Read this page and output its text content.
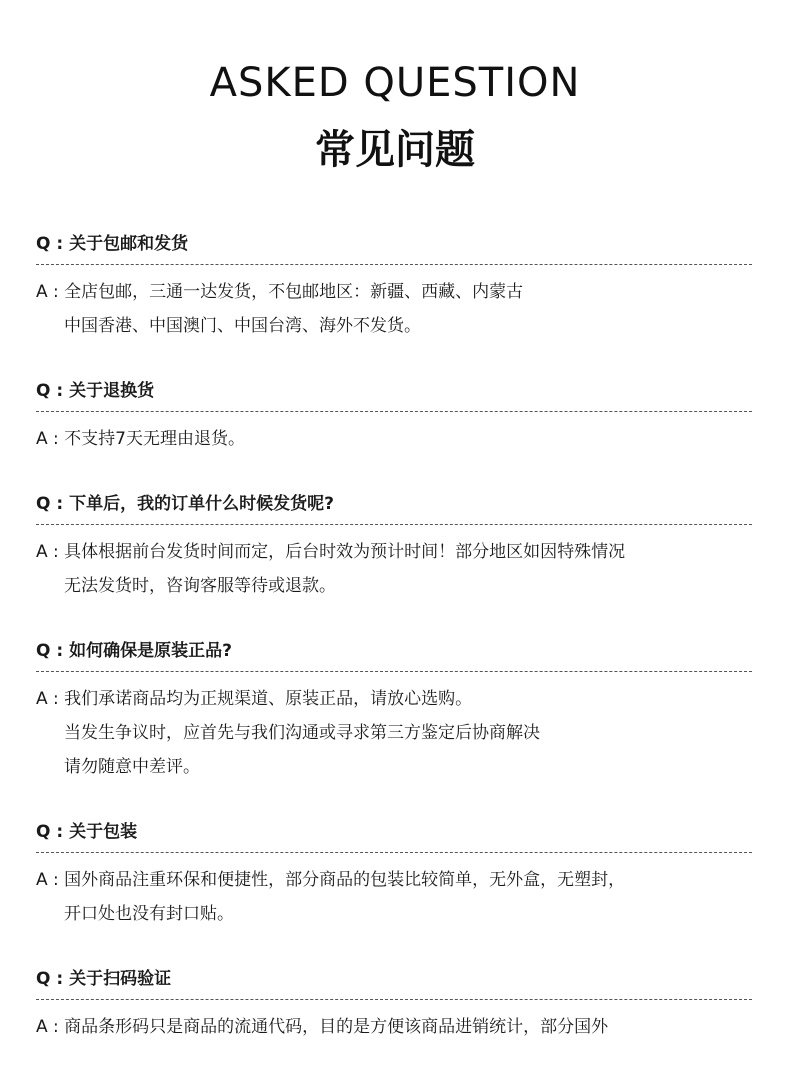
ASKED QUESTION
常见问题
Q : 关于包邮和发货
A : 全店包邮，三通一达发货，不包邮地区：新疆、西藏、内蒙古
中国香港、中国澳门、中国台湾、海外不发货。
Q : 关于退换货
A : 不支持7天无理由退货。
Q : 下单后，我的订单什么时候发货呢?
A : 具体根据前台发货时间而定，后台时效为预计时间！部分地区如因特殊情况
无法发货时，咨询客服等待或退款。
Q : 如何确保是原装正品?
A : 我们承诺商品均为正规渠道、原装正品，请放心选购。
当发生争议时，应首先与我们沟通或寻求第三方鉴定后协商解决
请勿随意中差评。
Q : 关于包装
A : 国外商品注重环保和便捷性，部分商品的包装比较简单，无外盒，无塑封，
开口处也没有封口贴。
Q : 关于扫码验证
A : 商品条形码只是商品的流通代码，目的是方便该商品进销统计，部分国外
